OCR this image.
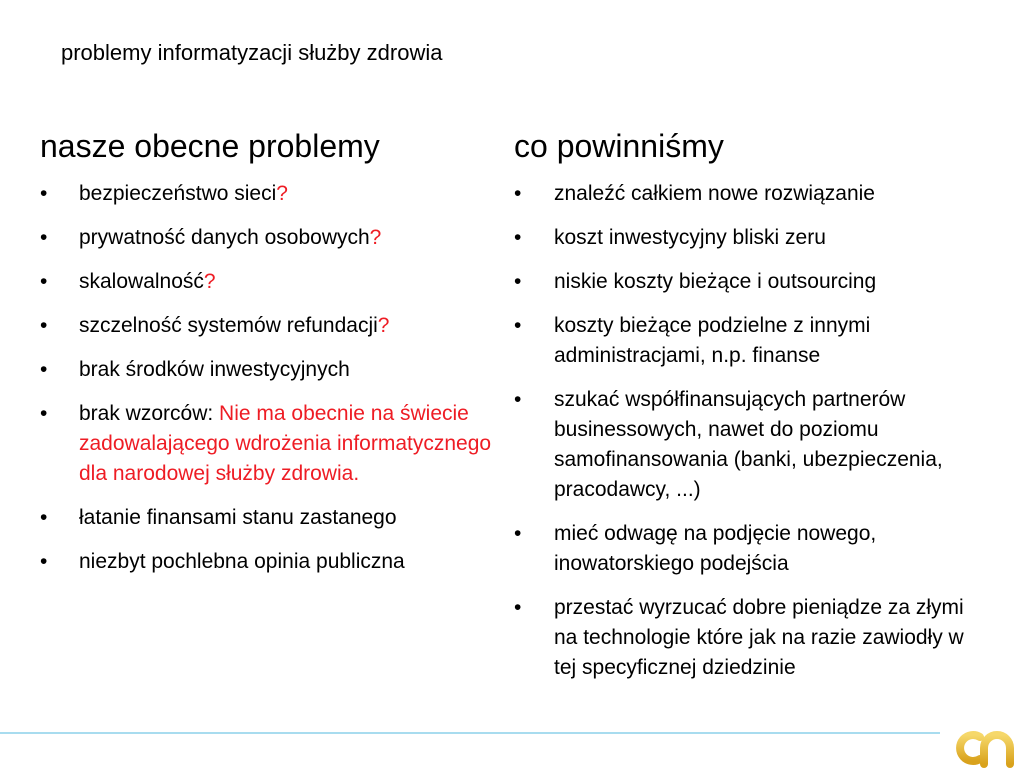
problemy informatyzacji służby zdrowia
nasze obecne problemy
•	bezpieczeństwo sieci?
•	prywatność danych osobowych?
•	skalowalność?
•	szczelność systemów refundacji?
•	brak środków inwestycyjnych
•	brak wzorców: Nie ma obecnie na świecie zadowalającego wdrożenia informatycznego dla narodowej służby zdrowia.
•	łatanie finansami stanu zastanego
•	niezbyt pochlebna opinia publiczna
co powinniśmy
•	znaleźć całkiem nowe rozwiązanie
•	koszt inwestycyjny bliski zeru
•	niskie koszty bieżące i outsourcing
•	koszty bieżące podzielne z innymi administracjami, n.p. finanse
•	szukać współfinansujących partnerów businessowych, nawet do poziomu samofinansowania (banki, ubezpieczenia, pracodawcy, ...)
•	mieć odwagę na podjęcie nowego, inowatorskiego podejścia
•	przestać wyrzucać dobre pieniądze za złymi na technologie które jak na razie zawiodły w tej specyficznej dziedzinie
